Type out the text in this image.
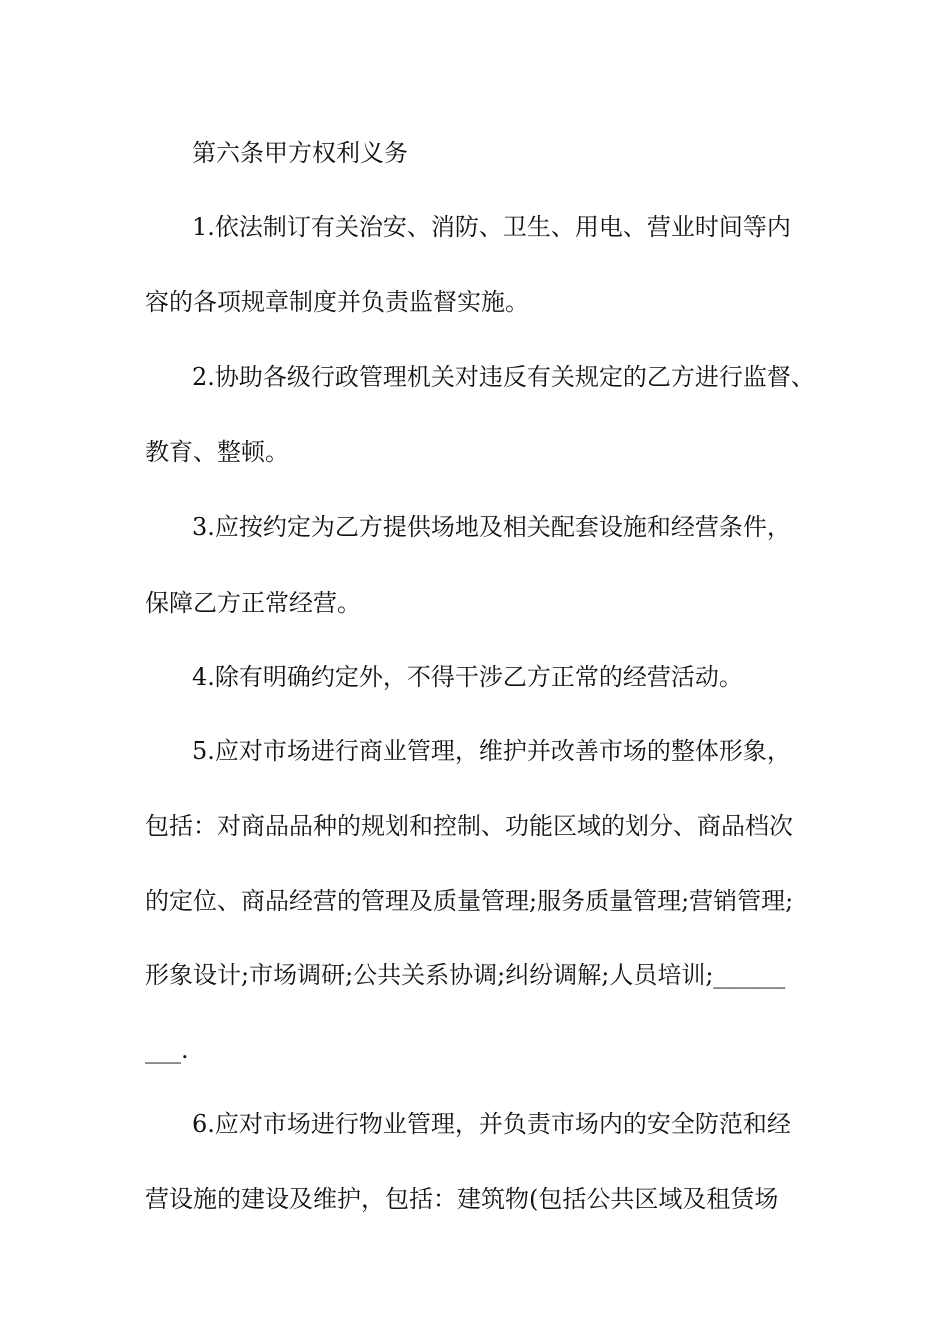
第六条甲方权利义务
1.依法制订有关治安、消防、卫生、用电、营业时间等内
容的各项规章制度并负责监督实施。
2.协助各级行政管理机关对违反有关规定的乙方进行监督、
教育、整顿。
3.应按约定为乙方提供场地及相关配套设施和经营条件，
保障乙方正常经营。
4.除有明确约定外，不得干涉乙方正常的经营活动。
5.应对市场进行商业管理，维护并改善市场的整体形象，
包括：对商品品种的规划和控制、功能区域的划分、商品档次
的定位、商品经营的管理及质量管理;服务质量管理;营销管理;
形象设计;市场调研;公共关系协调;纠纷调解;人员培训;______
___.
6.应对市场进行物业管理，并负责市场内的安全防范和经
营设施的建设及维护，包括：建筑物(包括公共区域及租赁场
